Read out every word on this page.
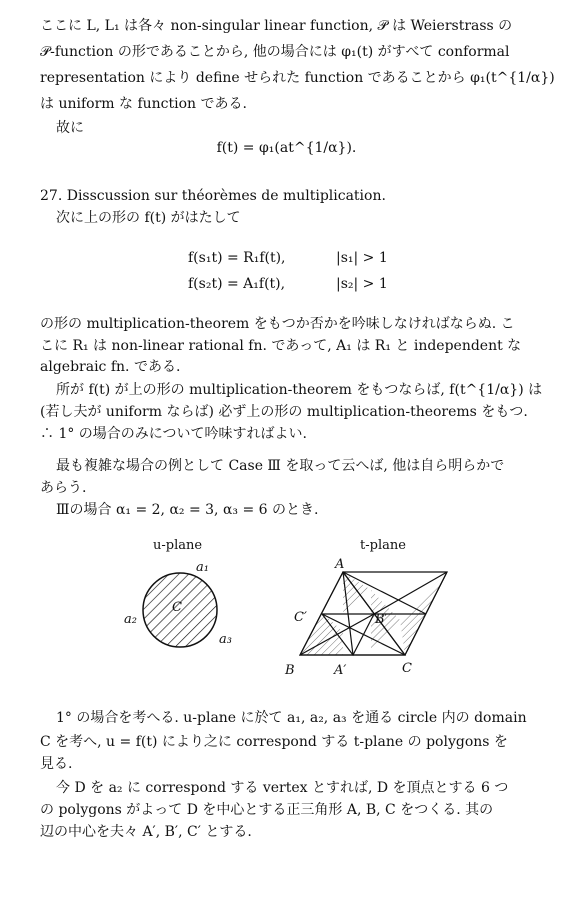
ここに L, L₁ は各々 non-singular linear function, 𝒫 は Weierstrass の
𝒫-function の形であることから, 他の場合には φ₁(t) がすべて conformal
representation により define せられた function であることから φ₁(t^{1/α})
は uniform な function である.
故に
f(t) = φ₁(at^{1/α}).
27. Disscussion sur théorèmes de multiplication.
次に上の形の f(t) がはたして
f(s₁t) = R₁f(t),	|s₁| > 1
f(s₂t) = A₁f(t),	|s₂| > 1
の形の multiplication-theorem をもつか否かを吟味しなければならぬ. こ
こに R₁ は non-linear rational fn. であって, A₁ は R₁ と independent な
algebraic fn. である.
所が f(t) が上の形の multiplication-theorem をもつならば, f(t^{1/α}) は
(若し夫が uniform ならば) 必ず上の形の multiplication-theorems をもつ.
∴ 1° の場合のみについて吟味すればよい.
最も複雑な場合の例として Case Ⅲ を取って云へば, 他は自ら明らかで
あらう.
Ⅲの場合 α₁ = 2, α₂ = 3, α₃ = 6 のとき.
u-plane	t-plane
a₁
a₂
a₃
C
A
B	C
A′
B′
C′
1° の場合を考へる. u-plane に於て a₁, a₂, a₃ を通る circle 内の domain
C を考へ, u = f(t) により之に correspond する t-plane の polygons を
見る.
今 D を a₂ に correspond する vertex とすれば, D を頂点とする 6 つ
の polygons がよって D を中心とする正三角形 A, B, C をつくる. 其の
辺の中心を夫々 A′, B′, C′ とする.
